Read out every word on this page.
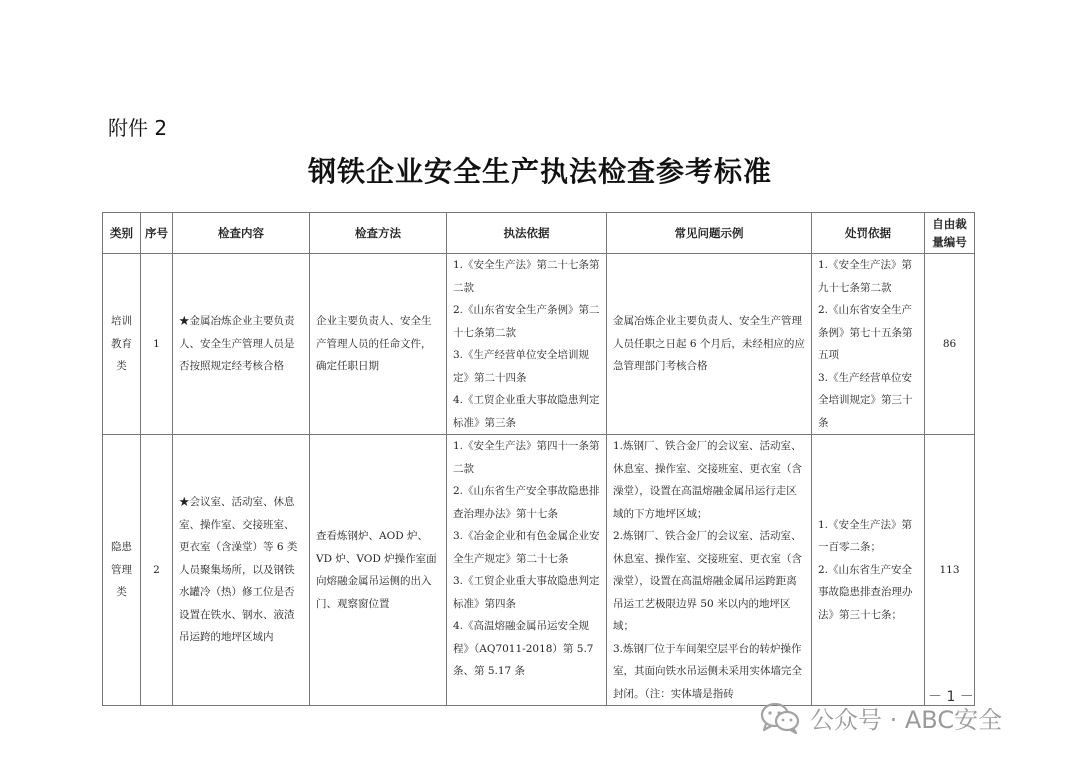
附件 2
钢铁企业安全生产执法检查参考标准
类别	序号	检查内容	检查方法	执法依据	常见问题示例	处罚依据	自由裁量编号
培训教育类	1	★金属冶炼企业主要负责人、安全生产管理人员是否按照规定经考核合格	企业主要负责人、安全生产管理人员的任命文件，确定任职日期	1.《安全生产法》第二十七条第二款
2.《山东省安全生产条例》第二十七条第二款
3.《生产经营单位安全培训规定》第二十四条
4.《工贸企业重大事故隐患判定标准》第三条	金属冶炼企业主要负责人、安全生产管理人员任职之日起 6 个月后，未经相应的应急管理部门考核合格	1.《安全生产法》第九十七条第二款
2.《山东省安全生产条例》第七十五条第五项
3.《生产经营单位安全培训规定》第三十条	86
隐患管理类	2	★会议室、活动室、休息室、操作室、交接班室、更衣室（含澡堂）等 6 类人员聚集场所，以及钢铁水罐冷（热）修工位是否设置在铁水、钢水、液渣吊运跨的地坪区域内	查看炼钢炉、AOD 炉、VD 炉、VOD 炉操作室面向熔融金属吊运侧的出入门、观察窗位置	1.《安全生产法》第四十一条第二款
2.《山东省生产安全事故隐患排查治理办法》第十七条
3.《冶金企业和有色金属企业安全生产规定》第二十七条
3.《工贸企业重大事故隐患判定标准》第四条
4.《高温熔融金属吊运安全规程》（AQ7011-2018）第 5.7 条、第 5.17 条	1.炼钢厂、铁合金厂的会议室、活动室、休息室、操作室、交接班室、更衣室（含澡堂），设置在高温熔融金属吊运行走区域的下方地坪区域；
2.炼钢厂、铁合金厂的会议室、活动室、休息室、操作室、交接班室、更衣室（含澡堂），设置在高温熔融金属吊运跨距离吊运工艺极限边界 50 米以内的地坪区域；
3.炼钢厂位于车间架空层平台的转炉操作室，其面向铁水吊运侧未采用实体墙完全封闭。（注：实体墙是指砖	1.《安全生产法》第一百零二条；
2.《山东省生产安全事故隐患排查治理办法》第三十七条；	113
－ 1 －
公众号 · ABC安全
